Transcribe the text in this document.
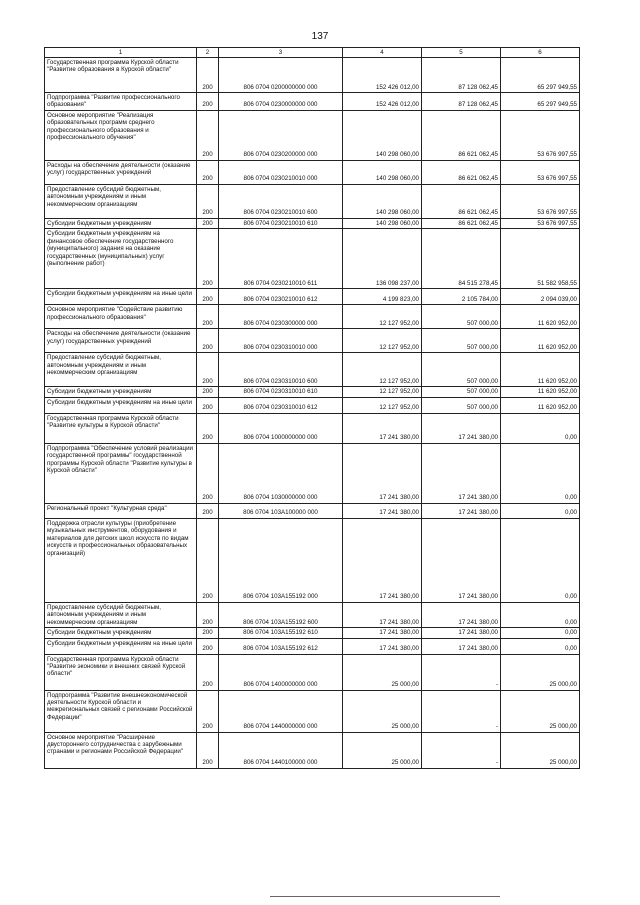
137
1	2	3	4	5	6
Государственная программа Курской области "Развитие образования в Курской области"	200	806 0704 0200000000 000	152 426 012,00	87 128 062,45	65 297 949,55
Подпрограмма "Развитие профессионального образования"	200	806 0704 0230000000 000	152 426 012,00	87 128 062,45	65 297 949,55
Основное мероприятие "Реализация образовательных программ среднего профессионального образования и профессионального обучения"	200	806 0704 0230200000 000	140 298 060,00	86 621 062,45	53 676 997,55
Расходы на обеспечение деятельности (оказание услуг) государственных учреждений	200	806 0704 0230210010 000	140 298 060,00	86 621 062,45	53 676 997,55
Предоставление субсидий бюджетным, автономным учреждениям и иным некоммерческим организациям	200	806 0704 0230210010 600	140 298 060,00	86 621 062,45	53 676 997,55
Субсидии бюджетным учреждениям	200	806 0704 0230210010 610	140 298 060,00	86 621 062,45	53 676 997,55
Субсидии бюджетным учреждениям на финансовое обеспечение государственного (муниципального) задания на оказание государственных (муниципальных) услуг (выполнение работ)	200	806 0704 0230210010 611	136 098 237,00	84 515 278,45	51 582 958,55
Субсидии бюджетным учреждениям на иные цели	200	806 0704 0230210010 612	4 199 823,00	2 105 784,00	2 094 039,00
Основное мероприятие "Содействие развитию профессионального образования"	200	806 0704 0230300000 000	12 127 952,00	507 000,00	11 620 952,00
Расходы на обеспечение деятельности (оказание услуг) государственных учреждений	200	806 0704 0230310010 000	12 127 952,00	507 000,00	11 620 952,00
Предоставление субсидий бюджетным, автономным учреждениям и иным некоммерческим организациям	200	806 0704 0230310010 600	12 127 952,00	507 000,00	11 620 952,00
Субсидии бюджетным учреждениям	200	806 0704 0230310010 610	12 127 952,00	507 000,00	11 620 952,00
Субсидии бюджетным учреждениям на иные цели	200	806 0704 0230310010 612	12 127 952,00	507 000,00	11 620 952,00
Государственная программа Курской области "Развитие культуры в Курской области"	200	806 0704 1000000000 000	17 241 380,00	17 241 380,00	0,00
Подпрограмма "Обеспечение условий реализации государственной программы" государственной программы Курской области "Развитие культуры в Курской области"	200	806 0704 1030000000 000	17 241 380,00	17 241 380,00	0,00
Региональный проект "Культурная среда"	200	806 0704 103A100000 000	17 241 380,00	17 241 380,00	0,00
Поддержка отрасли культуры (приобретение музыкальных инструментов, оборудования и материалов для детских школ искусств по видам искусств и профессиональных образовательных организаций)	200	806 0704 103A155192 000	17 241 380,00	17 241 380,00	0,00
Предоставление субсидий бюджетным, автономным учреждениям и иным некоммерческим организациям	200	806 0704 103A155192 600	17 241 380,00	17 241 380,00	0,00
Субсидии бюджетным учреждениям	200	806 0704 103A155192 610	17 241 380,00	17 241 380,00	0,00
Субсидии бюджетным учреждениям на иные цели	200	806 0704 103A155192 612	17 241 380,00	17 241 380,00	0,00
Государственная программа Курской области "Развитие экономики и внешних связей Курской области"	200	806 0704 1400000000 000	25 000,00	-	25 000,00
Подпрограмма "Развитие внешнеэкономической деятельности Курской области и межрегиональных связей с регионами Российской Федерации"	200	806 0704 1440000000 000	25 000,00	-	25 000,00
Основное мероприятие "Расширение двустороннего сотрудничества с зарубежными странами и регионами Российской Федерации"	200	806 0704 1440100000 000	25 000,00	-	25 000,00
